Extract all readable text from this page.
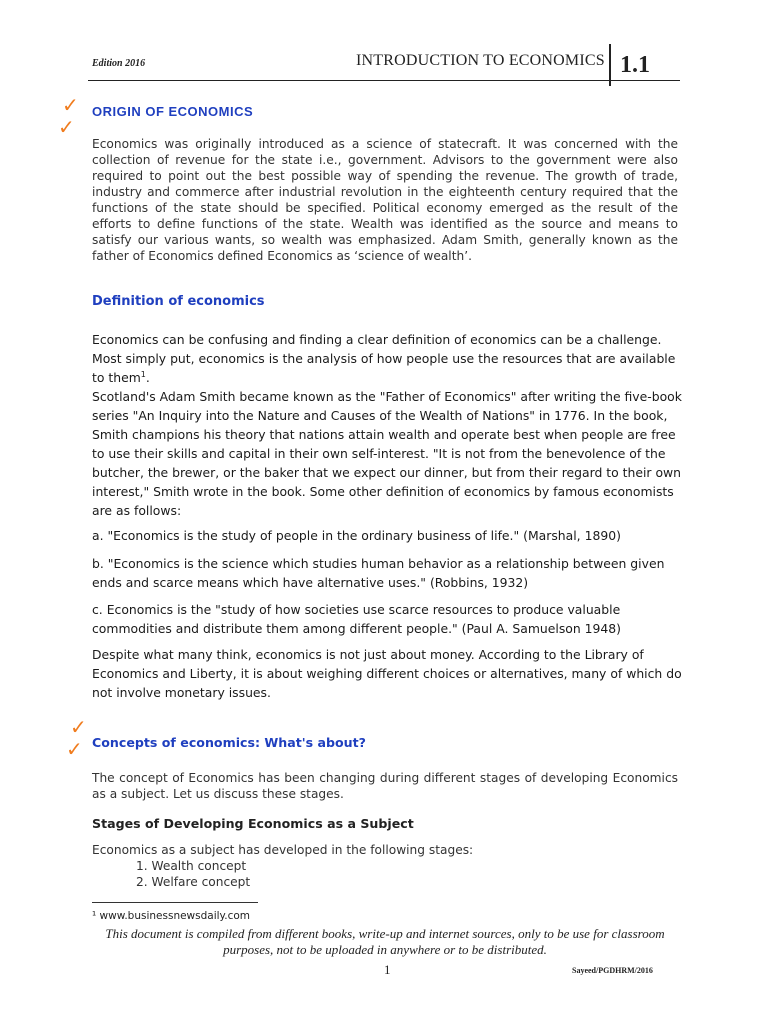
Edition 2016	INTRODUCTION TO ECONOMICS 1.1
✓
✓
ORIGIN OF ECONOMICS
Economics was originally introduced as a science of statecraft. It was concerned with the collection of revenue for the state i.e., government. Advisors to the government were also required to point out the best possible way of spending the revenue. The growth of trade, industry and commerce after industrial revolution in the eighteenth century required that the functions of the state should be specified. Political economy emerged as the result of the efforts to define functions of the state. Wealth was identified as the source and means to satisfy our various wants, so wealth was emphasized. Adam Smith, generally known as the father of Economics defined Economics as ‘science of wealth’.
Definition of economics
Economics can be confusing and finding a clear definition of economics can be a challenge.
Most simply put, economics is the analysis of how people use the resources that are available
to them$^1$.
Scotland's Adam Smith became known as the "Father of Economics" after writing the five-book
series "An Inquiry into the Nature and Causes of the Wealth of Nations" in 1776. In the book,
Smith champions his theory that nations attain wealth and operate best when people are free
to use their skills and capital in their own self-interest. "It is not from the benevolence of the
butcher, the brewer, or the baker that we expect our dinner, but from their regard to their own
interest," Smith wrote in the book. Some other definition of economics by famous economists
are as follows:
a. "Economics is the study of people in the ordinary business of life." (Marshal, 1890)
b. "Economics is the science which studies human behavior as a relationship between given ends and scarce means which have alternative uses." (Robbins, 1932)
c. Economics is the "study of how societies use scarce resources to produce valuable commodities and distribute them among different people." (Paul A. Samuelson 1948)
Despite what many think, economics is not just about money. According to the Library of Economics and Liberty, it is about weighing different choices or alternatives, many of which do not involve monetary issues.
✓
✓ Concepts of economics: What's about?
The concept of Economics has been changing during different stages of developing Economics as a subject. Let us discuss these stages.
Stages of Developing Economics as a Subject
Economics as a subject has developed in the following stages:
1. Wealth concept
2. Welfare concept
¹ www.businessnewsdaily.com
This document is compiled from different books, write-up and internet sources, only to be use for classroom purposes, not to be uploaded in anywhere or to be distributed.
1	Sayeed/PGDHRM/2016
